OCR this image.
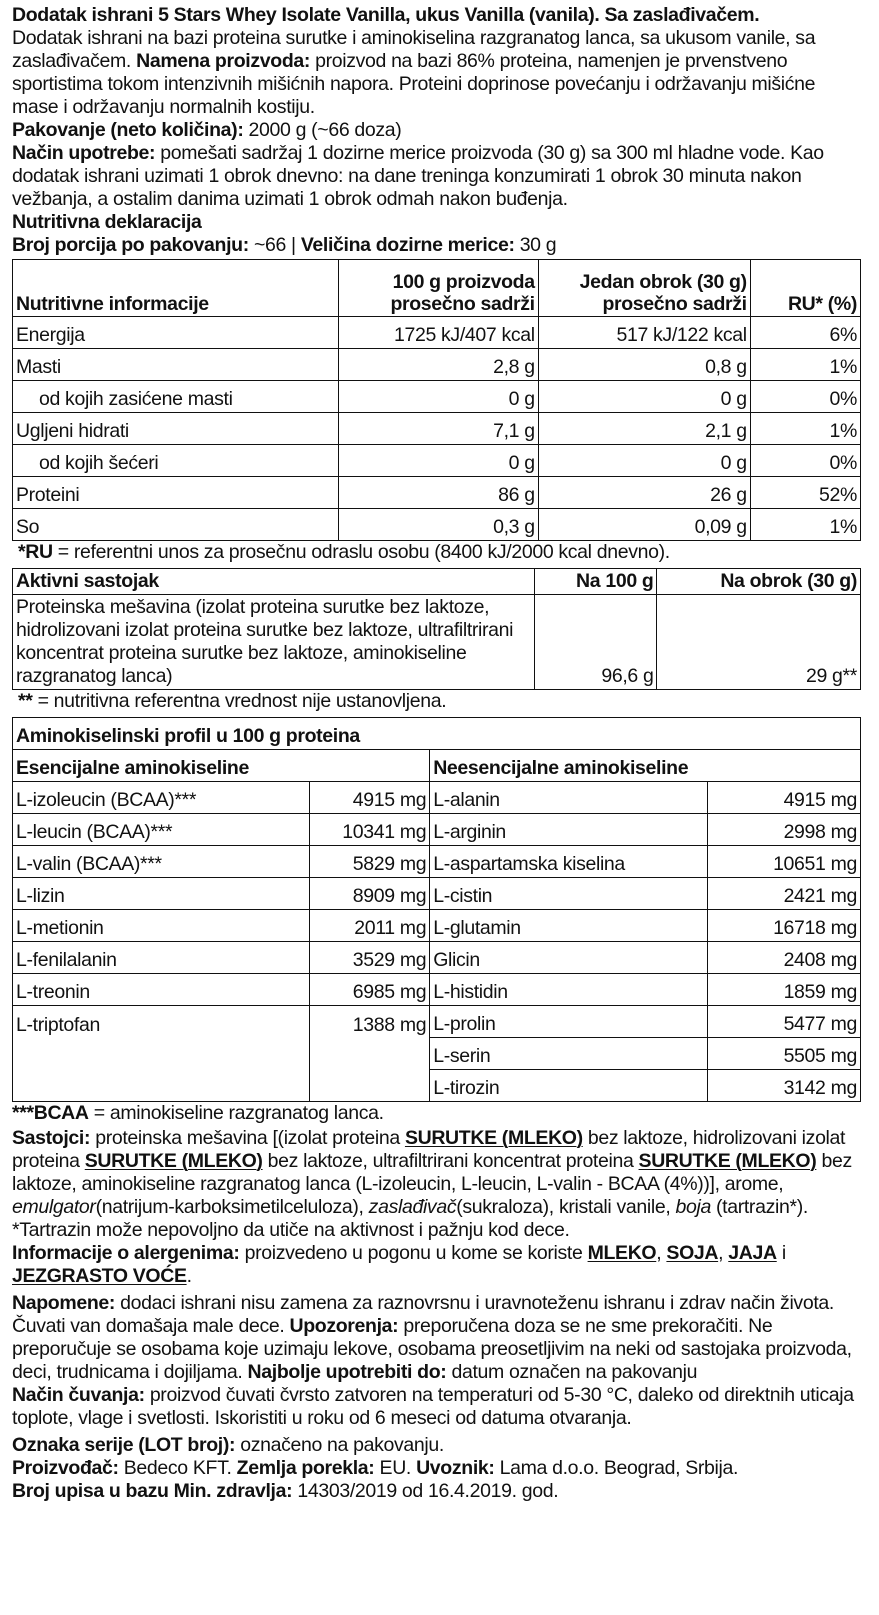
Dodatak ishrani 5 Stars Whey Isolate Vanilla, ukus Vanilla (vanila). Sa zaslađivačem.

Dodatak ishrani na bazi proteina surutke i aminokiselina razgranatog lanca, sa ukusom vanile, sa zaslađivačem. Namena proizvoda: proizvod na bazi 86% proteina, namenjen je prvenstveno sportistima tokom intenzivnih mišićnih napora. Proteini doprinose povećanju i održavanju mišićne mase i održavanju normalnih kostiju.

Pakovanje (neto količina): 2000 g (~66 doza)

Način upotrebe: pomešati sadržaj 1 dozirne merice proizvoda (30 g) sa 300 ml hladne vode. Kao dodatak ishrani uzimati 1 obrok dnevno: na dane treninga konzumirati 1 obrok 30 minuta nakon vežbanja, a ostalim danima uzimati 1 obrok odmah nakon buđenja.

Nutritivna deklaracija

Broj porcija po pakovanju: ~66 | Veličina dozirne merice: 30 g

Nutritivne informacije	100 g proizvoda prosečno sadrži	Jedan obrok (30 g) prosečno sadrži	RU* (%)
Energija	1725 kJ/407 kcal	517 kJ/122 kcal	6%
Masti	2,8 g	0,8 g	1%
od kojih zasićene masti	0 g	0 g	0%
Ugljeni hidrati	7,1 g	2,1 g	1%
od kojih šećeri	0 g	0 g	0%
Proteini	86 g	26 g	52%
So	0,3 g	0,09 g	1%

*RU = referentni unos za prosečnu odraslu osobu (8400 kJ/2000 kcal dnevno).

Aktivni sastojak	Na 100 g	Na obrok (30 g)
Proteinska mešavina (izolat proteina surutke bez laktoze, hidrolizovani izolat proteina surutke bez laktoze, ultrafiltrirani koncentrat proteina surutke bez laktoze, aminokiseline razgranatog lanca)	96,6 g	29 g**

** = nutritivna referentna vrednost nije ustanovljena.

Aminokiselinski profil u 100 g proteina			
Esencijalne aminokiseline		Neesencijalne aminokiseline	
L-izoleucin (BCAA)***	4915 mg	L-alanin	4915 mg
L-leucin (BCAA)***	10341 mg	L-arginin	2998 mg
L-valin (BCAA)***	5829 mg	L-aspartamska kiselina	10651 mg
L-lizin	8909 mg	L-cistin	2421 mg
L-metionin	2011 mg	L-glutamin	16718 mg
L-fenilalanin	3529 mg	Glicin	2408 mg
L-treonin	6985 mg	L-histidin	1859 mg
L-triptofan	1388 mg	L-prolin	5477 mg
		L-serin	5505 mg
		L-tirozin	3142 mg

***BCAA = aminokiseline razgranatog lanca.

Sastojci: proteinska mešavina [(izolat proteina SURUTKE (MLEKO) bez laktoze, hidrolizovani izolat proteina SURUTKE (MLEKO) bez laktoze, ultrafiltrirani koncentrat proteina SURUTKE (MLEKO) bez laktoze, aminokiseline razgranatog lanca (L-izoleucin, L-leucin, L-valin - BCAA (4%))], arome, emulgator(natrijum-karboksimetilceluloza), zaslađivač(sukraloza), kristali vanile, boja (tartrazin*).

*Tartrazin može nepovoljno da utiče na aktivnost i pažnju kod dece.

Informacije o alergenima: proizvedeno u pogonu u kome se koriste MLEKO, SOJA, JAJA i JEZGRASTO VOĆE.

Napomene: dodaci ishrani nisu zamena za raznovrsnu i uravnoteženu ishranu i zdrav način života. Čuvati van domašaja male dece. Upozorenja: preporučena doza se ne sme prekoračiti. Ne preporučuje se osobama koje uzimaju lekove, osobama preosetljivim na neki od sastojaka proizvoda, deci, trudnicama i dojiljama. Najbolje upotrebiti do: datum označen na pakovanju

Način čuvanja: proizvod čuvati čvrsto zatvoren na temperaturi od 5-30 °C, daleko od direktnih uticaja toplote, vlage i svetlosti. Iskoristiti u roku od 6 meseci od datuma otvaranja.

Oznaka serije (LOT broj): označeno na pakovanju.

Proizvođač: Bedeco KFT. Zemlja porekla: EU. Uvoznik: Lama d.o.o. Beograd, Srbija.

Broj upisa u bazu Min. zdravlja: 14303/2019 od 16.4.2019. god.
